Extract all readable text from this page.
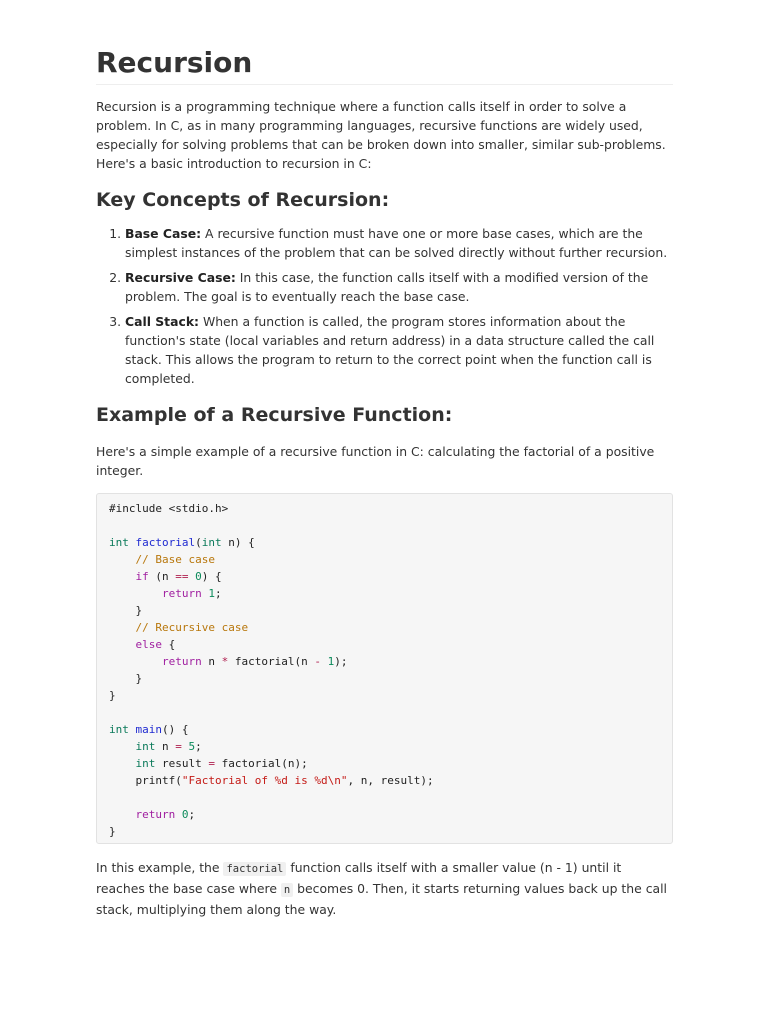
Recursion

Recursion is a programming technique where a function calls itself in order to solve a problem. In C, as in many programming languages, recursive functions are widely used, especially for solving problems that can be broken down into smaller, similar sub-problems. Here's a basic introduction to recursion in C:

Key Concepts of Recursion:
1. Base Case: A recursive function must have one or more base cases, which are the simplest instances of the problem that can be solved directly without further recursion.
2. Recursive Case: In this case, the function calls itself with a modified version of the problem. The goal is to eventually reach the base case.
3. Call Stack: When a function is called, the program stores information about the function's state (local variables and return address) in a data structure called the call stack. This allows the program to return to the correct point when the function call is completed.
Example of a Recursive Function:

Here's a simple example of a recursive function in C: calculating the factorial of a positive integer.

#include <stdio.h>

int factorial(int n) {
// Base case
if (n == 0) {
return 1;
}
// Recursive case
else {
return n * factorial(n - 1);
}
}

int main() {
int n = 5;
int result = factorial(n);
printf("Factorial of %d is %d\n", n, result);

return 0;
}

In this example, the factorial function calls itself with a smaller value (n - 1) until it reaches the base case where n becomes 0. Then, it starts returning values back up the call stack, multiplying them along the way.
